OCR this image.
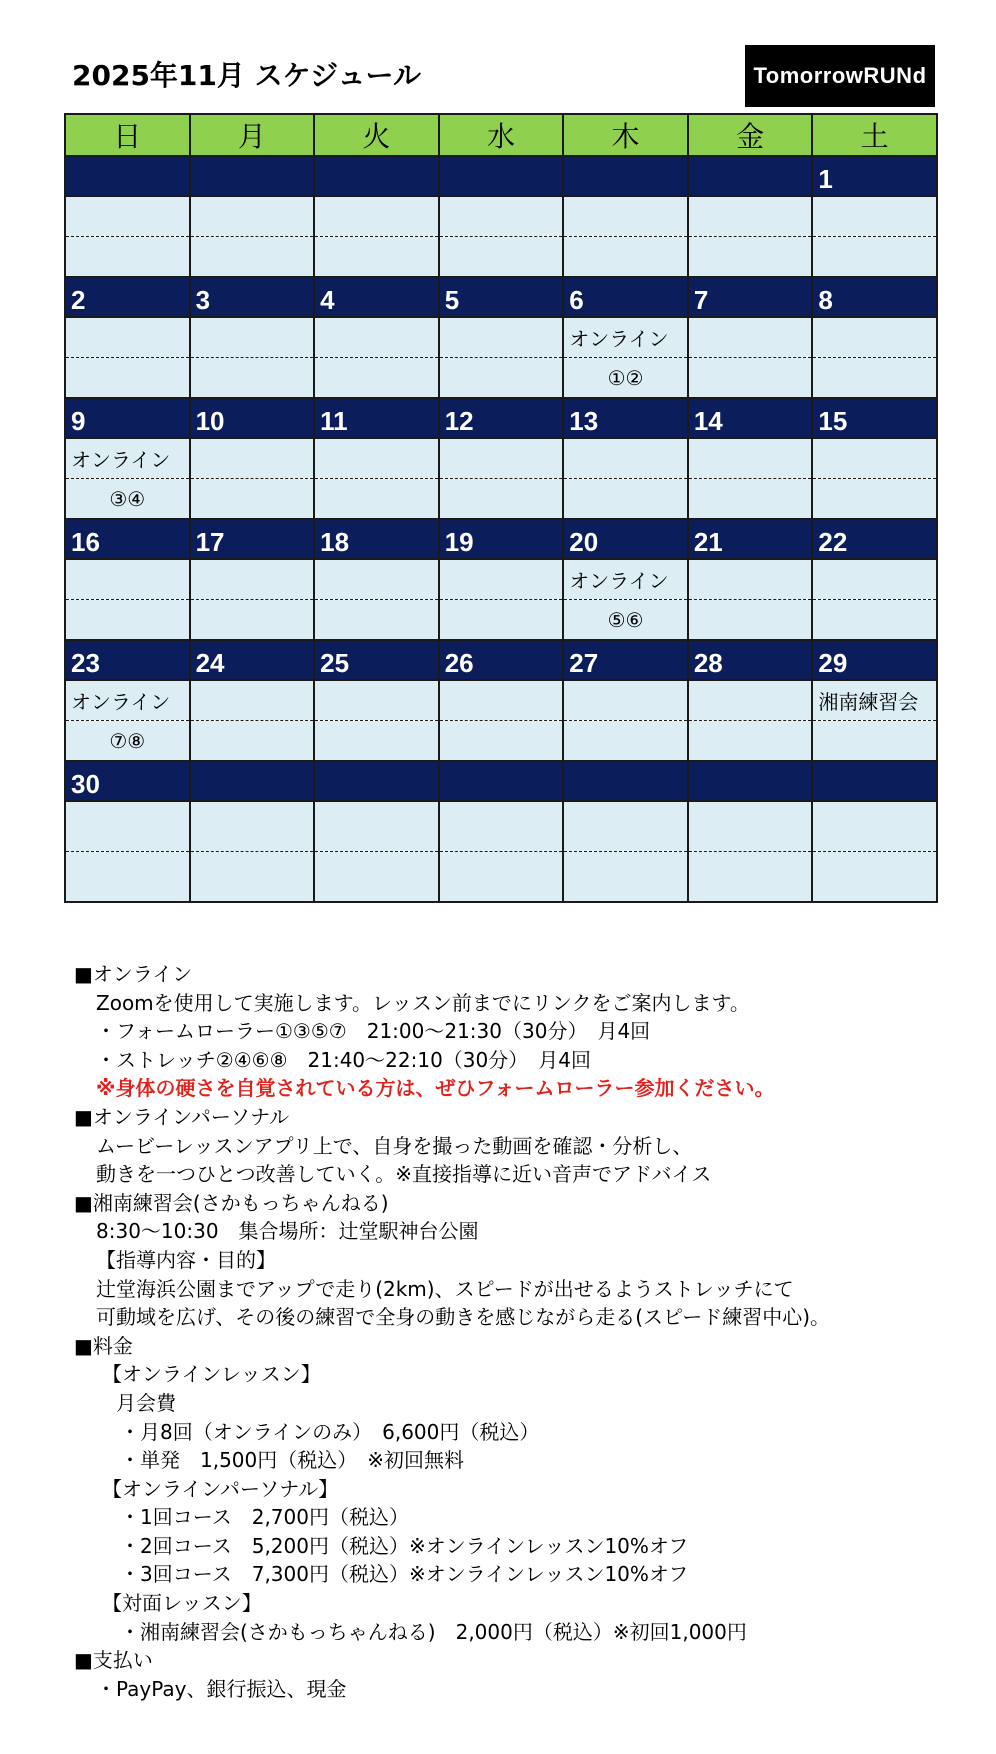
2025年11月 スケジュール	TomorrowRUNd
日	月	火	水	木	金	土
						1

2	3	4	5	6	7	8
				オンライン		
				①②		
9	10	11	12	13	14	15
オンライン						
③④						
16	17	18	19	20	21	22
				オンライン		
				⑤⑥		
23	24	25	26	27	28	29
オンライン						湘南練習会
⑦⑧						
30						

■オンライン
Zoomを使用して実施します。レッスン前までにリンクをご案内します。
・フォームローラー①③⑤⑦　21:00〜21:30（30分）　月4回
・ストレッチ②④⑥⑧　21:40〜22:10（30分）　月4回
※身体の硬さを自覚されている方は、ぜひフォームローラー参加ください。
■オンラインパーソナル
ムービーレッスンアプリ上で、自身を撮った動画を確認・分析し、
動きを一つひとつ改善していく。※直接指導に近い音声でアドバイス
■湘南練習会(さかもっちゃんねる)
8:30〜10:30　集合場所：辻堂駅神台公園
【指導内容・目的】
辻堂海浜公園までアップで走り(2km)、スピードが出せるようストレッチにて
可動域を広げ、その後の練習で全身の動きを感じながら走る(スピード練習中心)。
■料金
【オンラインレッスン】
月会費
・月8回（オンラインのみ）　6,600円（税込）
・単発　1,500円（税込）　※初回無料
【オンラインパーソナル】
・1回コース　2,700円（税込）
・2回コース　5,200円（税込）※オンラインレッスン10%オフ
・3回コース　7,300円（税込）※オンラインレッスン10%オフ
【対面レッスン】
・湘南練習会(さかもっちゃんねる)　2,000円（税込）※初回1,000円
■支払い
・PayPay、銀行振込、現金
